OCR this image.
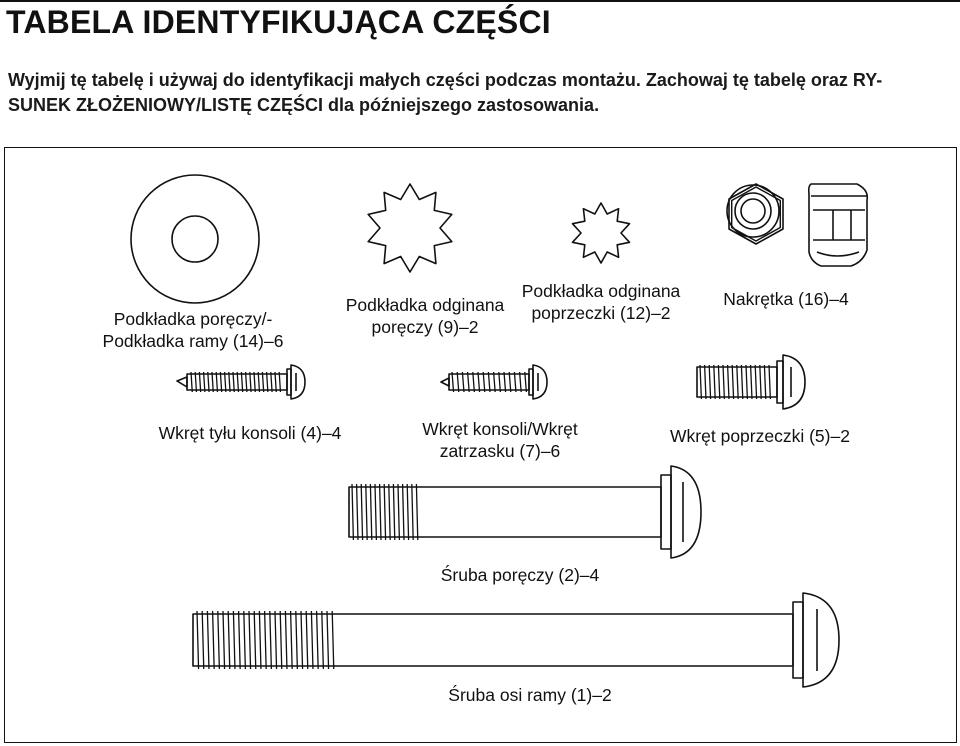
TABELA IDENTYFIKUJĄCA CZĘŚCI

Wyjmij tę tabelę i używaj do identyfikacji małych części podczas montażu. Zachowaj tę tabelę oraz RY-SUNEK ZŁOŻENIOWY/LISTĘ CZĘŚCI dla późniejszego zastosowania.

Podkładka poręczy/-
Podkładka ramy (14)–6
Podkładka odginana
poręczy (9)–2
Podkładka odginana
poprzeczki (12)–2
Nakrętka (16)–4
Wkręt tyłu konsoli (4)–4	Wkręt konsoli/Wkręt
zatrzasku (7)–6
Wkręt poprzeczki (5)–2
Śruba poręczy (2)–4
Śruba osi ramy (1)–2
